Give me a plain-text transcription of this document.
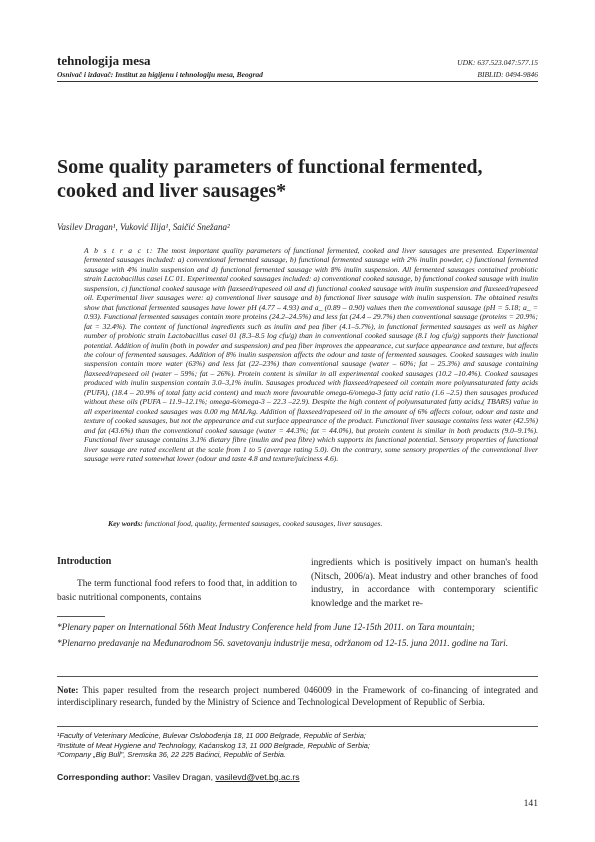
tehnologija mesa
Osnivač i izdavač: Institut za higijenu i tehnologiju mesa, Beograd
UDK: 637.523.047:577.15
BIBLID: 0494-9846
Some quality parameters of functional fermented, cooked and liver sausages*
Vasilev Dragan¹, Vuković Ilija¹, Saičić Snežana²
A b s t r a c t: The most important quality parameters of functional fermented, cooked and liver sausages are presented. Experimental fermented sausages included: a) conventional fermented sausage, b) functional fermented sausage with 2% inulin powder, c) functional fermented sausage with 4% inulin suspension and d) functional fermented sausage with 8% inulin suspension. All fermented sausages contained probiotic strain Lactobacillus casei LC 01. Experimental cooked sausages included: a) conventional cooked sausage, b) functional cooked sausage with inulin suspension, c) functional cooked sausage with flaxseed/rapeseed oil and d) functional cooked sausage with inulin suspension and flaxseed/rapeseed oil. Experimental liver sausages were: a) conventional liver sausage and b) functional liver sausage with inulin suspension. The obtained results show that functional fermented sausages have lower pH (4.77 – 4.93) and a_ (0.89 – 0.90) values then the conventional sausage (pH = 5.18; a_ = 0.93). Functional fermented sausages contain more proteins (24.2–24.5%) and less fat (24.4 – 29.7%) then conventional sausage (proteins = 20.9%; fat = 32.4%). The content of functional ingredients such as inulin and pea fiber (4.1–5.7%), in functional fermented sausages as well as higher number of probiotic strain Lactobacillus casei 01 (8.3–8.5 log cfu/g) than in conventional cooked sausage (8.1 log cfu/g) supports their functional potential. Addition of inulin (both in powder and suspension) and pea fiber improves the appearance, cut surface appearance and texture, but affects the colour of fermented sausages. Addition of 8% inulin suspension affects the odour and taste of fermented sausages. Cooked sausages with inulin suspension contain more water (63%) and less fat (22–23%) than conventional sausage (water – 60%; fat – 25.3%) and sausage containing flaxseed/rapeseed oil (water – 59%; fat – 26%). Protein content is similar in all experimental cooked sausages (10.2 –10.4%). Cooked sausages produced with inulin suspension contain 3.0–3,1% inulin. Sausages produced with flaxseed/rapeseed oil contain more polyunsaturated fatty acids (PUFA), (18.4 – 20.9% of total fatty acid content) and much more favourable omega-6/omega-3 fatty acid ratio (1.6 –2.5) then sausages produced without these oils (PUFA – 11.9–12.1%; omega-6/omega-3 – 22.3 –22.9). Despite the high content of polyunsaturated fatty acids,( TBARS) value in all experimental cooked sausages was 0.00 mg MAL/kg. Addition of flaxseed/rapeseed oil in the amount of 6% affects colour, odour and taste and texture of cooked sausages, but not the appearance and cut surface appearance of the product. Functional liver sausage contains less water (42.5%) and fat (43.6%) than the conventional cooked sausage (water = 44.3%; fat = 44.0%), but protein content is similar in both products (9.0–9.1%). Functional liver sausage contains 3.1% dietary fibre (inulin and pea fibre) which supports its functional potential. Sensory properties of functional liver sausage are rated excellent at the scale from 1 to 5 (average rating 5.0). On the contrary, some sensory properties of the conventional liver sausage were rated somewhat lower (odour and taste 4.8 and texture/juiciness 4.6).
Key words: functional food, quality, fermented sausages, cooked sausages, liver sausages.
Introduction
The term functional food refers to food that, in addition to basic nutritional components, contains
ingredients which is positively impact on human's health (Nitsch, 2006/a). Meat industry and other branches of food industry, in accordance with contemporary scientific knowledge and the market re-

*Plenary paper on International 56th Meat Industry Conference held from June 12-15th 2011. on Tara mountain;

*Plenarno predavanje na Međunarodnom 56. savetovanju industrije mesa, održanom od 12-15. juna 2011. godine na Tari.

Note: This paper resulted from the research project numbered 046009 in the Framework of co-financing of integrated and interdisciplinary research, funded by the Ministry of Science and Technological Development of Republic of Serbia.
¹Faculty of Veterinary Medicine, Bulevar Oslobođenja 18, 11 000 Belgrade, Republic of Serbia;
²Institute of Meat Hygiene and Technology, Kaćanskog 13, 11 000 Belgrade, Republic of Serbia;
³Company „Big Bull", Sremska 36, 22 225 Baćinci, Republic of Serbia.
Corresponding author: Vasilev Dragan, vasilevd@vet.bg.ac.rs
141
